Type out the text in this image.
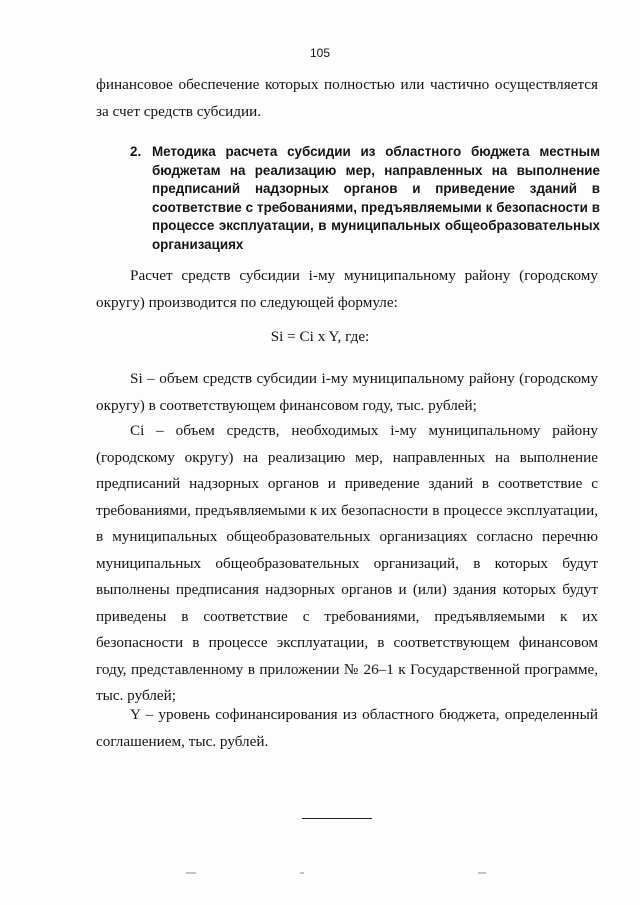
105
финансовое обеспечение которых полностью или частично осуществляется за счет средств субсидии.
2. Методика расчета субсидии из областного бюджета местным бюджетам на реализацию мер, направленных на выполнение предписаний надзорных органов и приведение зданий в соответствие с требованиями, предъявляемыми к безопасности в процессе эксплуатации, в муниципальных общеобразовательных организациях
Расчет средств субсидии i-му муниципальному району (городскому округу) производится по следующей формуле:
Si = Ci x Y, где:
Si – объем средств субсидии i-му муниципальному району (городскому округу) в соответствующем финансовом году, тыс. рублей;
Ci – объем средств, необходимых i-му муниципальному району (городскому округу) на реализацию мер, направленных на выполнение предписаний надзорных органов и приведение зданий в соответствие с требованиями, предъявляемыми к их безопасности в процессе эксплуатации, в муниципальных общеобразовательных организациях согласно перечню муниципальных общеобразовательных организаций, в которых будут выполнены предписания надзорных органов и (или) здания которых будут приведены в соответствие с требованиями, предъявляемыми к их безопасности в процессе эксплуатации, в соответствующем финансовом году, представленному в приложении № 26–1 к Государственной программе, тыс. рублей;
Y – уровень софинансирования из областного бюджета, определенный соглашением, тыс. рублей.
